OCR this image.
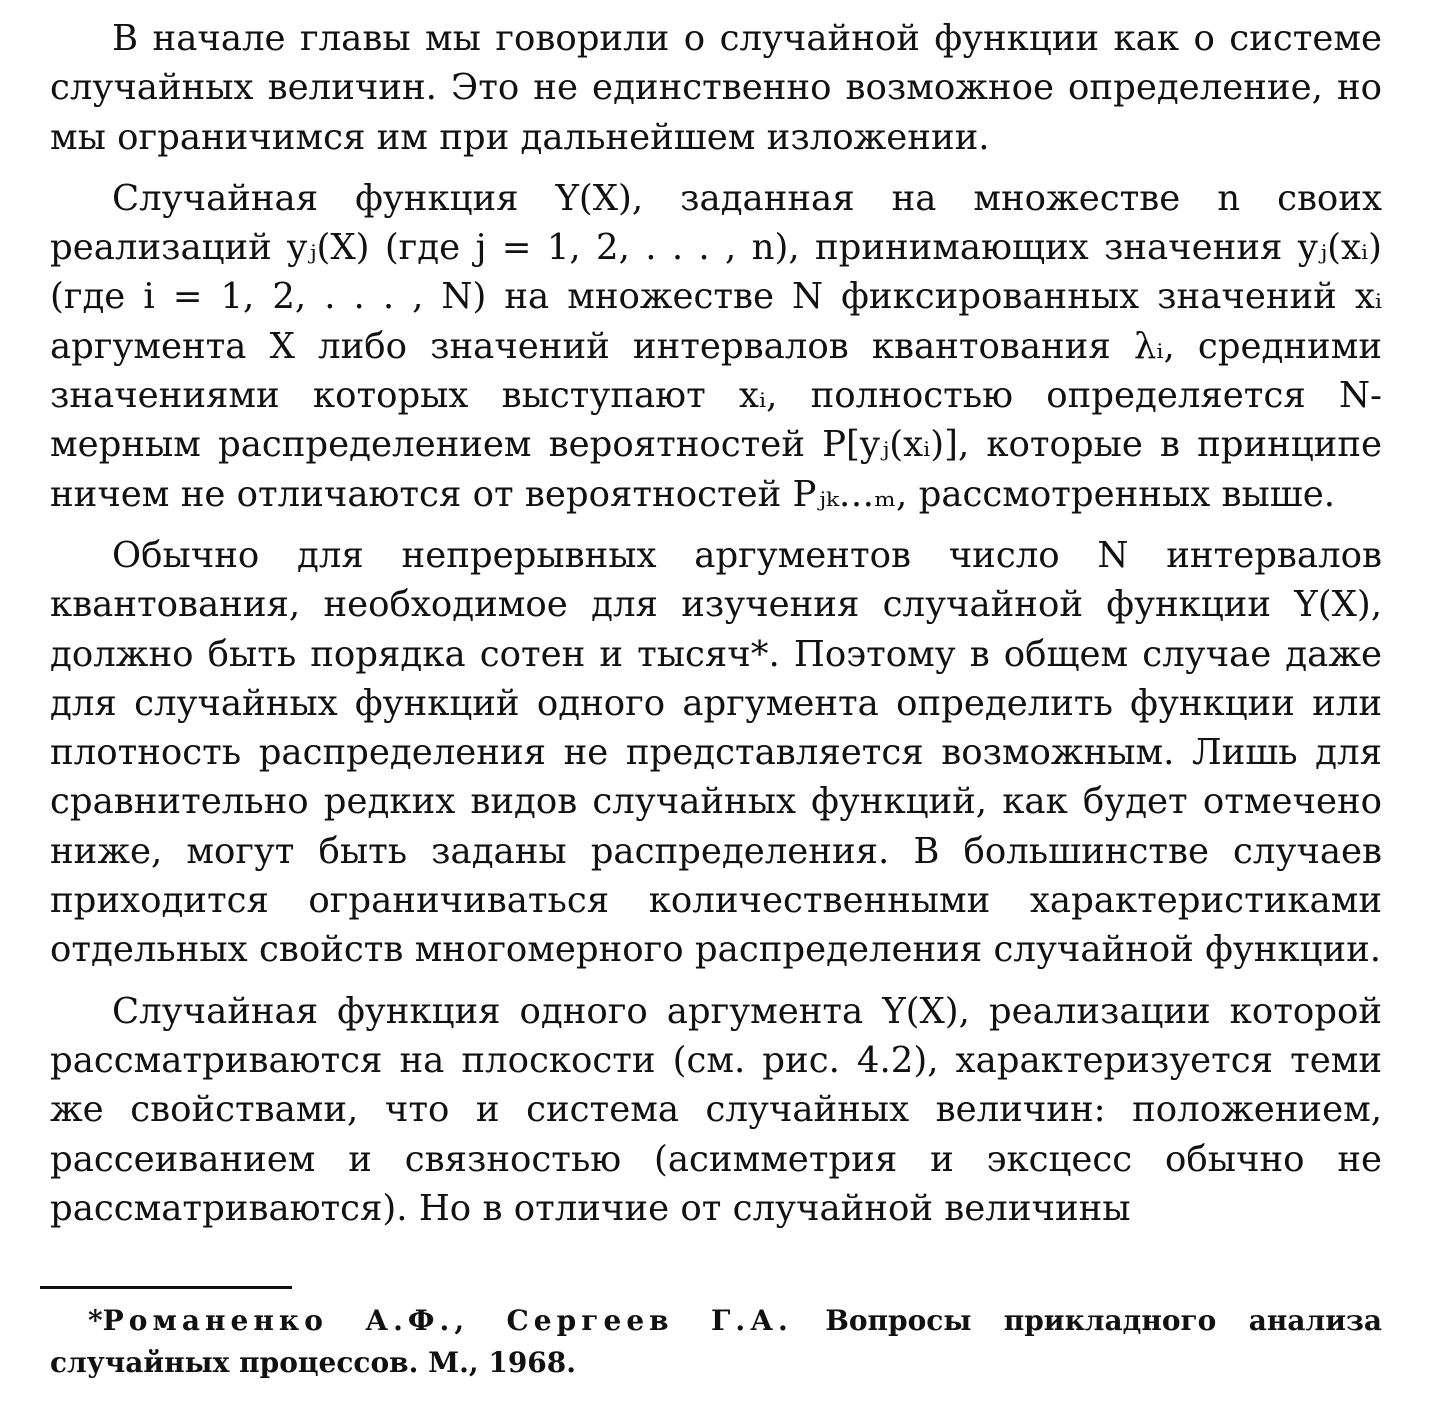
В начале главы мы говорили о случайной функции как о системе случайных величин. Это не единственно возможное определение, но мы ограничимся им при дальнейшем изложении.

Случайная функция Y(X), заданная на множестве n своих реализаций yⱼ(X) (где j = 1, 2, . . . , n), принимающих значения yⱼ(xᵢ) (где i = 1, 2, . . . , N) на множестве N фиксированных значений xᵢ аргумента X либо значений интервалов квантования λᵢ, средними значениями которых выступают xᵢ, полностью определяется N-мерным распределением вероятностей P[yⱼ(xᵢ)], которые в принципе ничем не отличаются от вероятностей Pⱼₖ…ₘ, рассмотренных выше.

Обычно для непрерывных аргументов число N интервалов квантования, необходимое для изучения случайной функции Y(X), должно быть порядка сотен и тысяч*. Поэтому в общем случае даже для случайных функций одного аргумента определить функции или плотность распределения не представляется возможным. Лишь для сравнительно редких видов случайных функций, как будет отмечено ниже, могут быть заданы распределения. В большинстве случаев приходится ограничиваться количественными характеристиками отдельных свойств многомерного распределения случайной функции.

Случайная функция одного аргумента Y(X), реализации которой рассматриваются на плоскости (см. рис. 4.2), характеризуется теми же свойствами, что и система случайных величин: положением, рассеиванием и связностью (асимметрия и эксцесс обычно не рассматриваются). Но в отличие от случайной величины

*Романенко А.Ф., Сергеев Г.А. Вопросы прикладного анализа случайных процессов. М., 1968.
